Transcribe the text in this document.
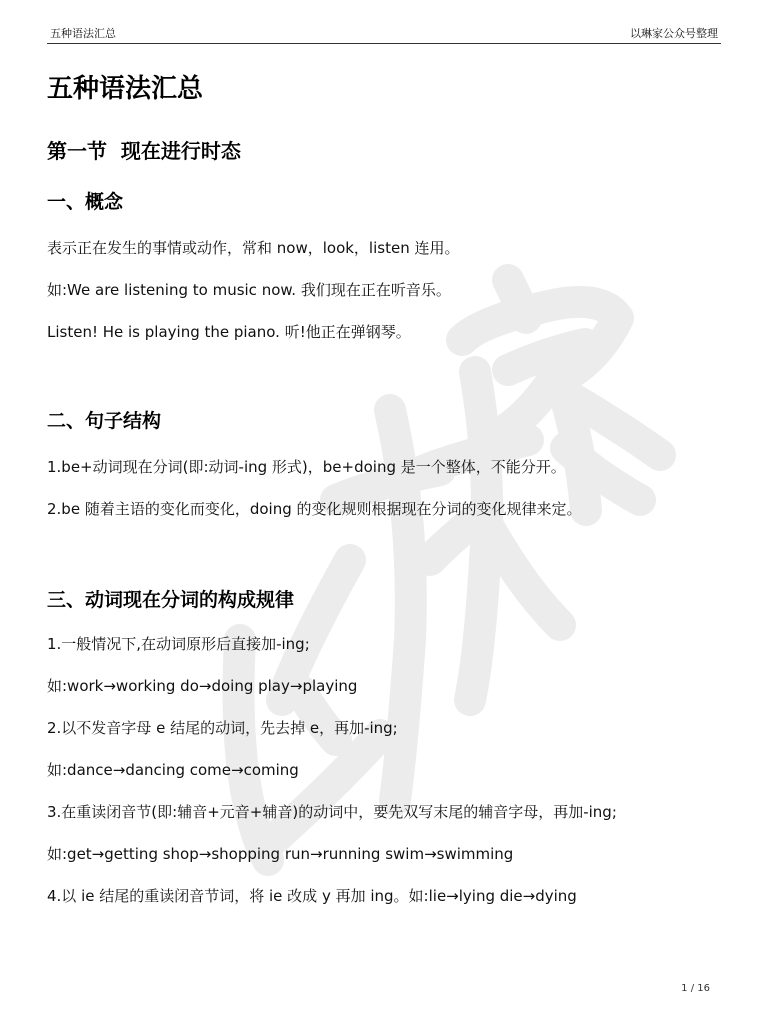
五种语法汇总	以琳家公众号整理
五种语法汇总
第一节  现在进行时态
一、概念

表示正在发生的事情或动作，常和 now，look，listen 连用。

如:We are listening to music now. 我们现在正在听音乐。

Listen! He is playing the piano. 听!他正在弹钢琴。

二、句子结构

1.be+动词现在分词(即:动词-ing 形式)，be+doing 是一个整体，不能分开。

2.be 随着主语的变化而变化，doing 的变化规则根据现在分词的变化规律来定。

三、动词现在分词的构成规律

1.一般情况下,在动词原形后直接加-ing;

如:work→working do→doing play→playing

2.以不发音字母 e 结尾的动词，先去掉 e，再加-ing;

如:dance→dancing come→coming

3.在重读闭音节(即:辅音+元音+辅音)的动词中，要先双写末尾的辅音字母，再加-ing;

如:get→getting shop→shopping run→running swim→swimming

4.以 ie 结尾的重读闭音节词，将 ie 改成 y 再加 ing。如:lie→lying die→dying

1 / 16
